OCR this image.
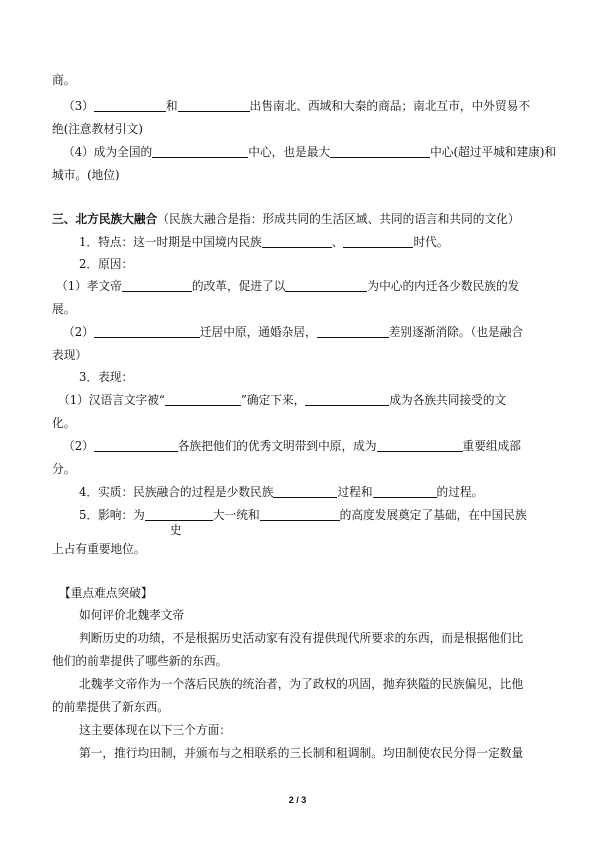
商。
（3）	和	出售南北、西域和大秦的商品；南北互市，中外贸易不
绝(注意教材引文)
（4）成为全国的	中心，也是最大	中心(超过平城和建康)和
城市。(地位)
三、北方民族大融合（民族大融合是指：形成共同的生活区域、共同的语言和共同的文化）
1．特点：这一时期是中国境内民族	、	时代。
2．原因：
（1）孝文帝	的改革，促进了以	为中心的内迁各少数民族的发
展。
（2）	迁居中原，通婚杂居，	差别逐渐消除。（也是融合
表现）
3．表现：
（1）汉语言文字被“	”确定下来，	成为各族共同接受的文
化。
（2）	各族把他们的优秀文明带到中原，成为	重要组成部
分。
4．实质：民族融合的过程是少数民族	过程和	的过程。
5．影响：为	大一统和	的高度发展奠定了基础，在中国民族
史
上占有重要地位。
【重点难点突破】
如何评价北魏孝文帝
判断历史的功绩，不是根据历史活动家有没有提供现代所要求的东西，而是根据他们比
他们的前辈提供了哪些新的东西。
北魏孝文帝作为一个落后民族的统治者，为了政权的巩固，抛弃狭隘的民族偏见，比他
的前辈提供了新东西。
这主要体现在以下三个方面：
第一，推行均田制，并颁布与之相联系的三长制和租调制。均田制使农民分得一定数量
2 / 3
